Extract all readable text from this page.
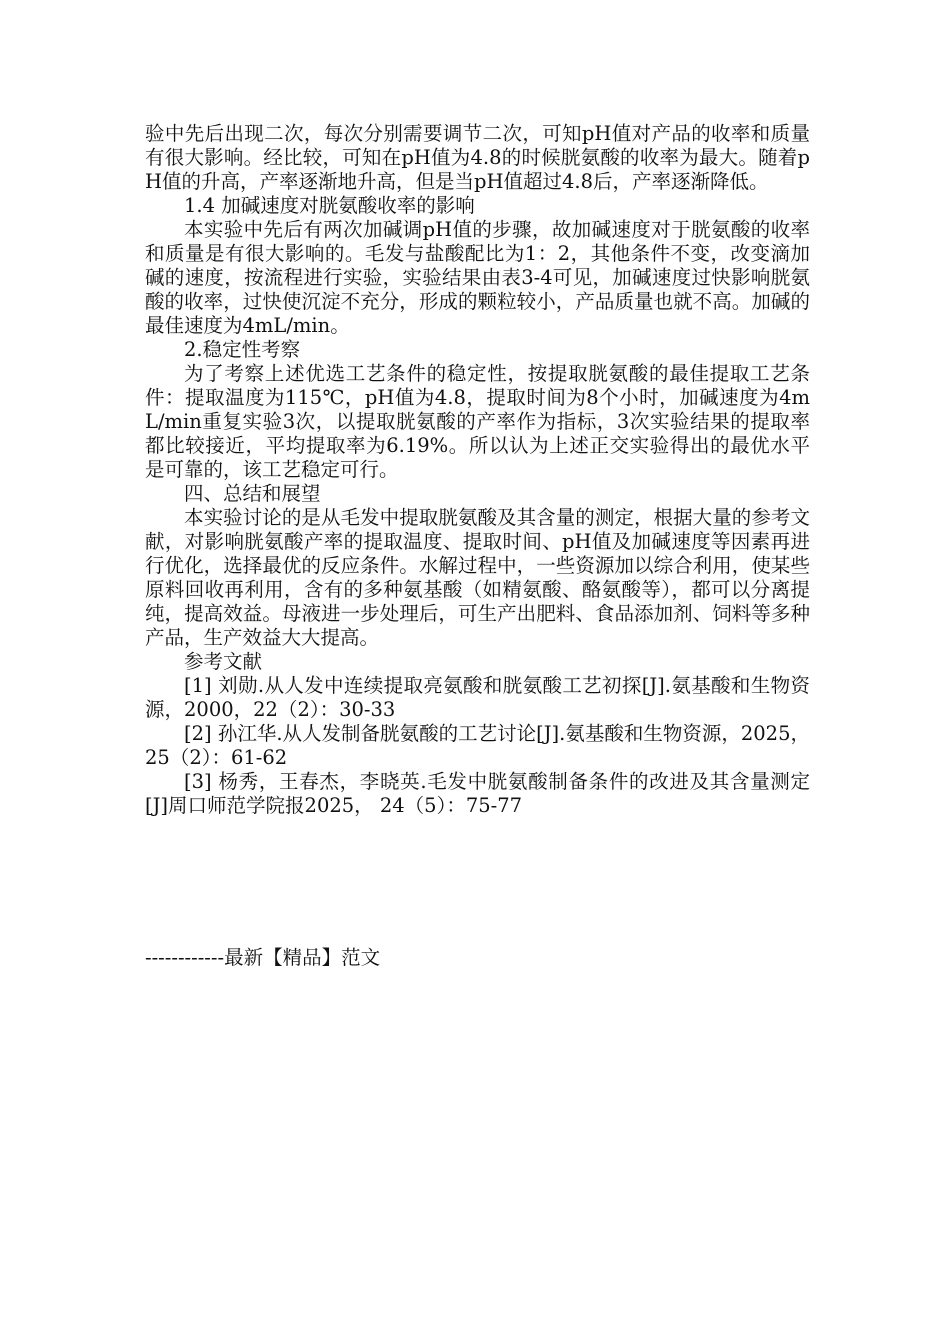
验中先后出现二次，每次分别需要调节二次，可知pH值对产品的收率和质量有很大影响。经比较，可知在pH值为4.8的时候胱氨酸的收率为最大。随着pH值的升高，产率逐渐地升高，但是当pH值超过4.8后，产率逐渐降低。

1.4 加碱速度对胱氨酸收率的影响

本实验中先后有两次加碱调pH值的步骤，故加碱速度对于胱氨酸的收率和质量是有很大影响的。毛发与盐酸配比为1：2，其他条件不变，改变滴加碱的速度，按流程进行实验，实验结果由表3-4可见，加碱速度过快影响胱氨酸的收率，过快使沉淀不充分，形成的颗粒较小，产品质量也就不高。加碱的最佳速度为4mL/min。

2.稳定性考察

为了考察上述优选工艺条件的稳定性，按提取胱氨酸的最佳提取工艺条件：提取温度为115℃，pH值为4.8，提取时间为8个小时，加碱速度为4mL/min重复实验3次，以提取胱氨酸的产率作为指标，3次实验结果的提取率都比较接近，平均提取率为6.19%。所以认为上述正交实验得出的最优水平是可靠的，该工艺稳定可行。

四、总结和展望

本实验讨论的是从毛发中提取胱氨酸及其含量的测定，根据大量的参考文献，对影响胱氨酸产率的提取温度、提取时间、pH值及加碱速度等因素再进行优化，选择最优的反应条件。水解过程中，一些资源加以综合利用，使某些原料回收再利用，含有的多种氨基酸（如精氨酸、酪氨酸等），都可以分离提纯，提高效益。母液进一步处理后，可生产出肥料、食品添加剂、饲料等多种产品，生产效益大大提高。

参考文献

[1] 刘勋.从人发中连续提取亮氨酸和胱氨酸工艺初探[J].氨基酸和生物资源，2000，22（2）：30-33

[2] 孙江华.从人发制备胱氨酸的工艺讨论[J].氨基酸和生物资源，2025，25（2）：61-62

[3] 杨秀，王春杰，李晓英.毛发中胱氨酸制备条件的改进及其含量测定[J]周口师范学院报2025， 24（5）：75-77

------------最新【精品】范文
